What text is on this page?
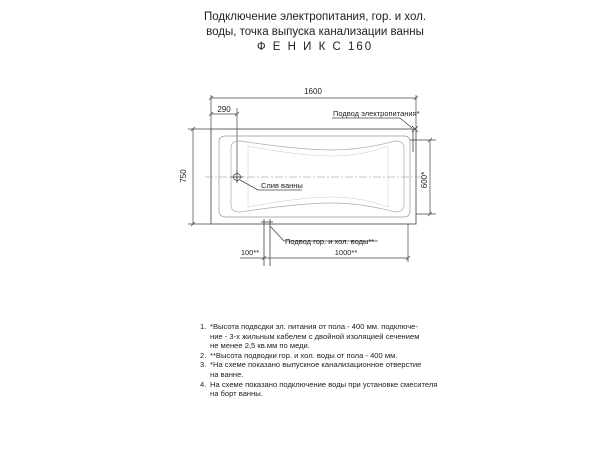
Подключение электропитания, гор. и хол.
воды, точка выпуска канализации ванны
Ф Е Н И К С 160
1600
290
750	600*
Слив ванны
Подвод электропитания*
Подвод гор. и хол. воды**
100**	1000**
1. *Высота подвсдки эл. питания от пола - 400 мм. подключе-
ние - 3-х жильным кабелем с двойной изоляцией сечением
не менее 2,5 кв.мм по меди.
2. **Высота подводки гор. и хол. воды от пола - 400 мм.
3. *На схеме показано выпускное канализационное отверстие
на ванне.
4. На схеме показано подключение воды при установке смесителя
на борт ванны.
